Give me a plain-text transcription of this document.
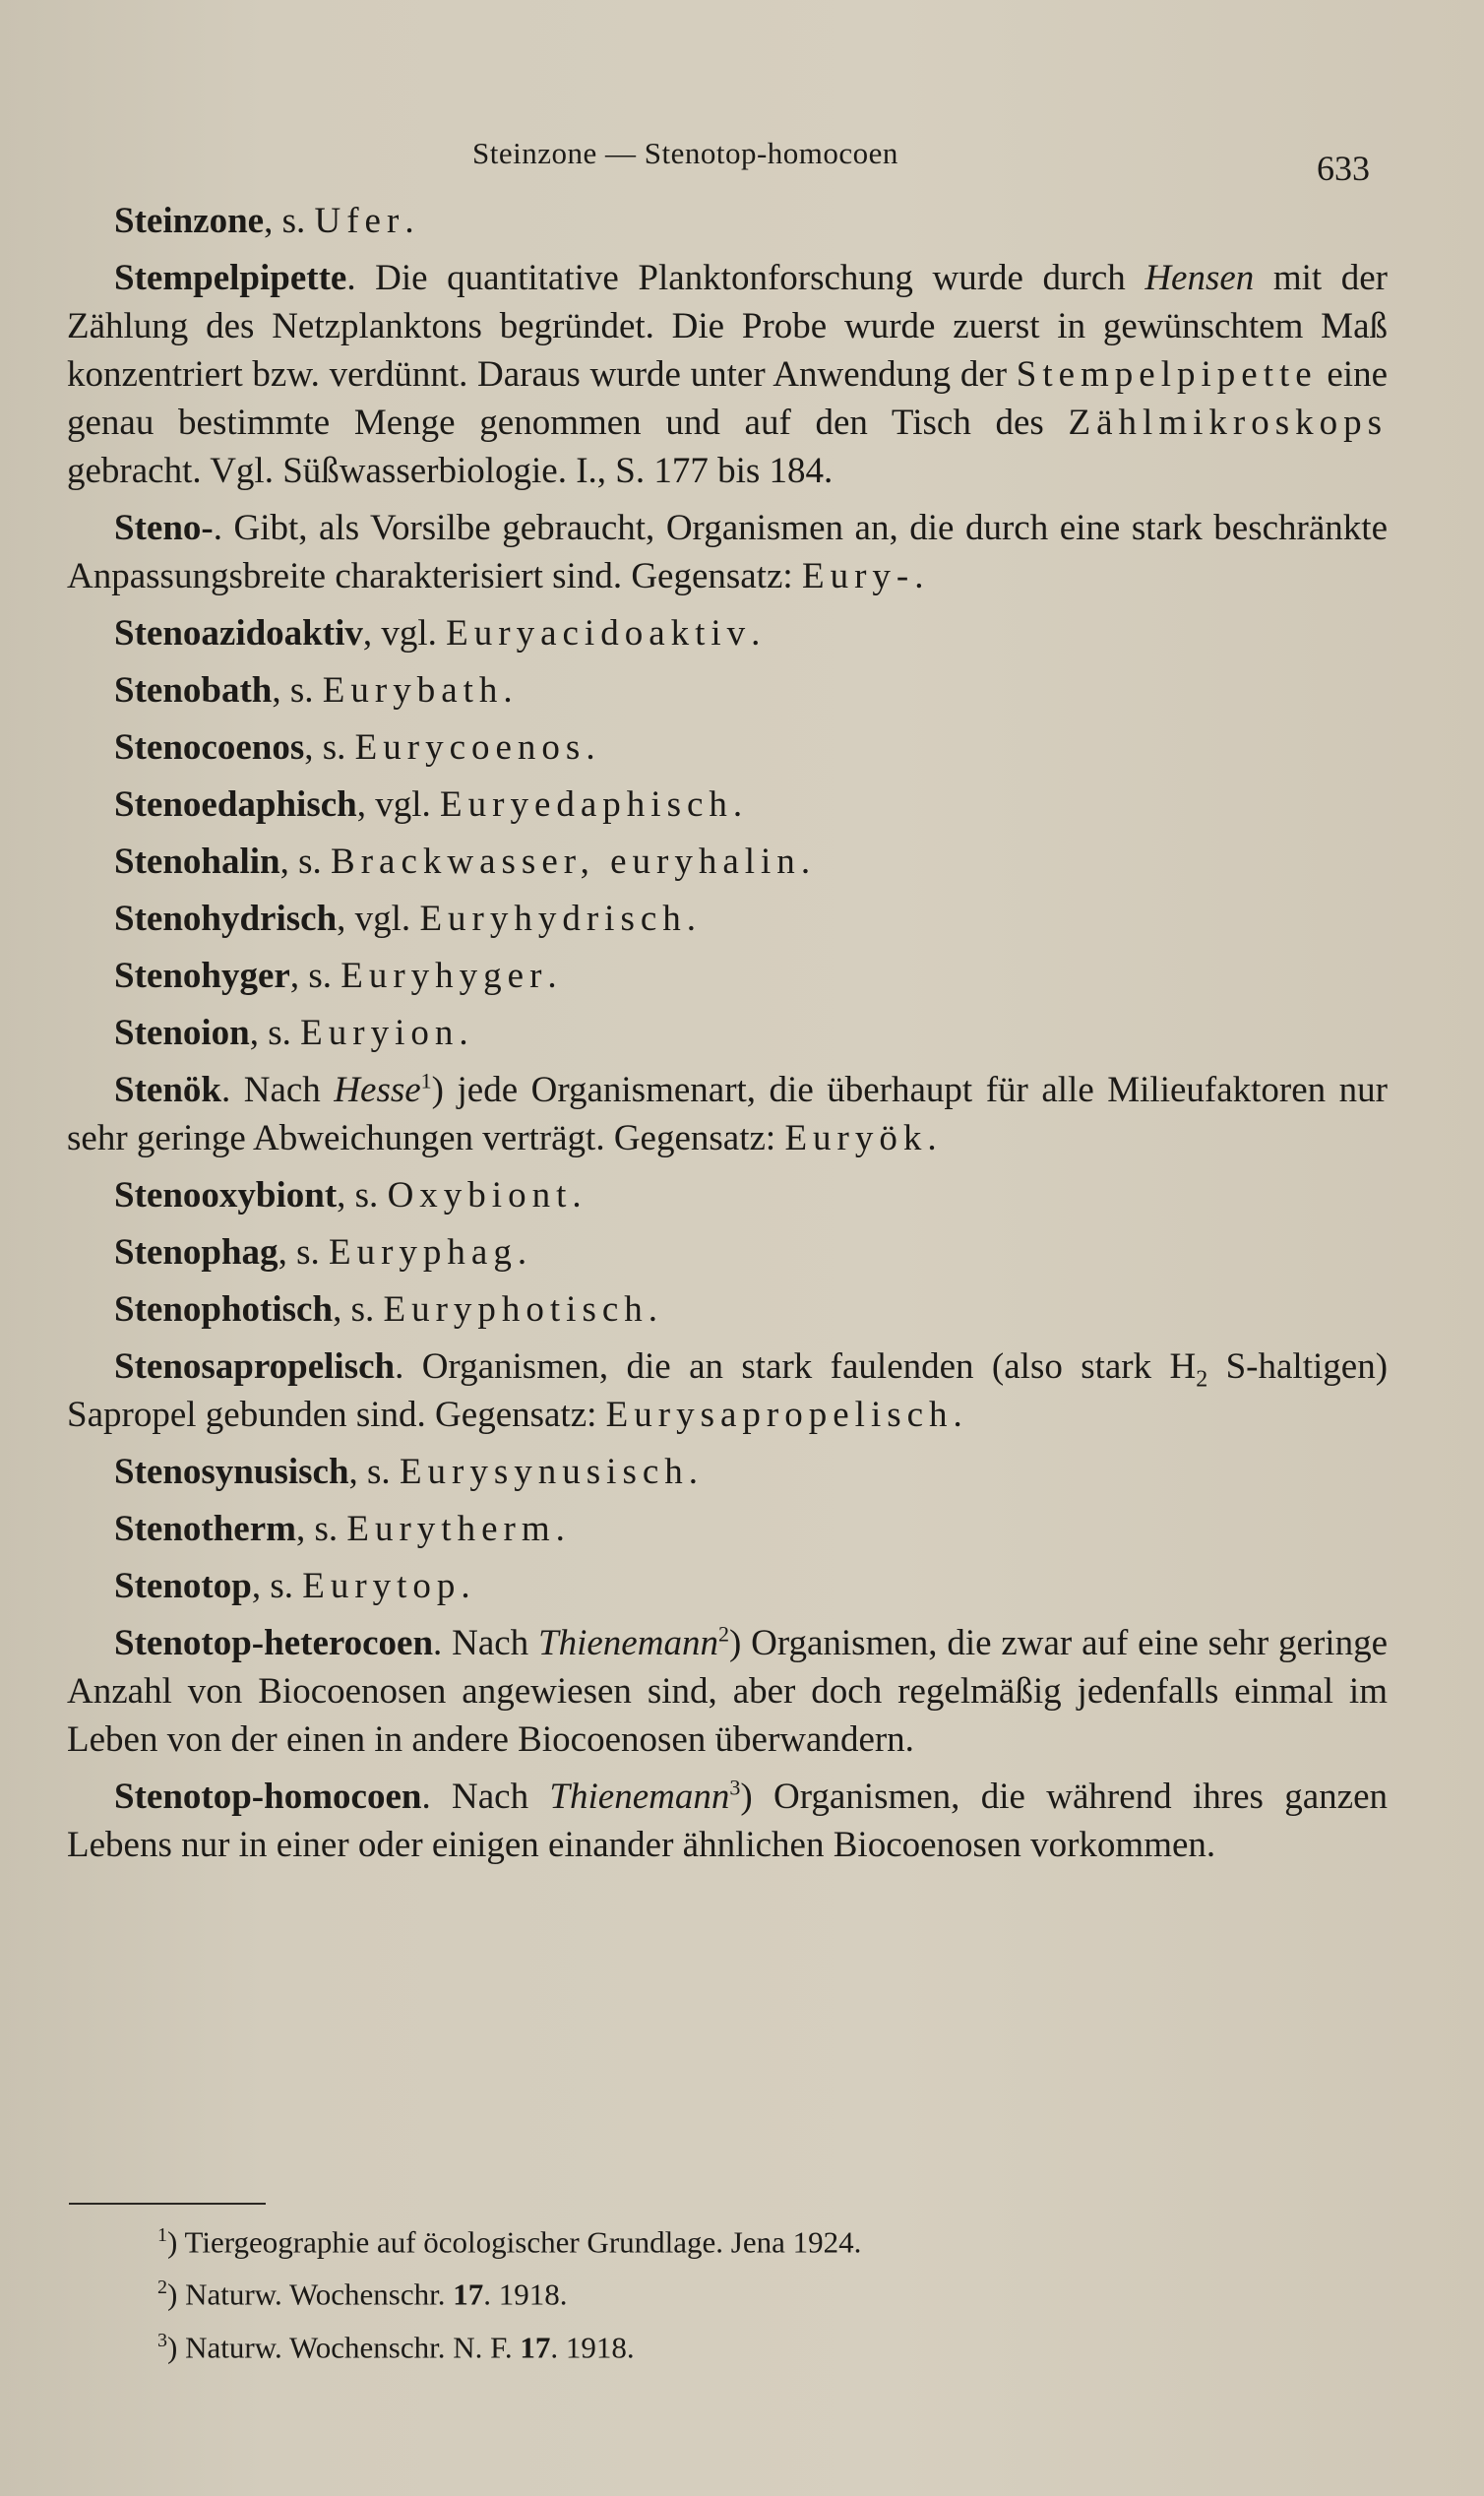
Steinzone — Stenotop-homocoen	633

Steinzone, s. Ufer.

Stempelpipette. Die quantitative Planktonforschung wurde durch Hensen mit der Zählung des Netzplanktons begründet. Die Probe wurde zuerst in gewünschtem Maß konzentriert bzw. verdünnt. Daraus wurde unter Anwendung der Stempelpipette eine genau bestimmte Menge genommen und auf den Tisch des Zählmikroskops gebracht. Vgl. Süßwasserbiologie. I., S. 177 bis 184.

Steno-. Gibt, als Vorsilbe gebraucht, Organismen an, die durch eine stark beschränkte Anpassungsbreite charakterisiert sind. Gegensatz: Eury-.

Stenoazidoaktiv, vgl. Euryacidoaktiv.

Stenobath, s. Eurybath.

Stenocoenos, s. Eurycoenos.

Stenoedaphisch, vgl. Euryedaphisch.

Stenohalin, s. Brackwasser, euryhalin.

Stenohydrisch, vgl. Euryhydrisch.

Stenohyger, s. Euryhyger.

Stenoion, s. Euryion.

Stenök. Nach Hesse$^1$) jede Organismenart, die überhaupt für alle Milieufaktoren nur sehr geringe Abweichungen verträgt. Gegensatz: Euryök.

Stenooxybiont, s. Oxybiont.

Stenophag, s. Euryphag.

Stenophotisch, s. Euryphotisch.

Stenosapropelisch. Organismen, die an stark faulenden (also stark $H_2$ S-haltigen) Sapropel gebunden sind. Gegensatz: Eurysapropelisch.

Stenosynusisch, s. Eurysynusisch.

Stenotherm, s. Eurytherm.

Stenotop, s. Eurytop.

Stenotop-heterocoen. Nach Thienemann$^2$) Organismen, die zwar auf eine sehr geringe Anzahl von Biocoenosen angewiesen sind, aber doch regelmäßig jedenfalls einmal im Leben von der einen in andere Biocoenosen überwandern.

Stenotop-homocoen. Nach Thienemann$^3$) Organismen, die während ihres ganzen Lebens nur in einer oder einigen einander ähnlichen Biocoenosen vorkommen.

$^1$) Tiergeographie auf öcologischer Grundlage. Jena 1924.

$^2$) Naturw. Wochenschr. 17. 1918.

$^3$) Naturw. Wochenschr. N. F. 17. 1918.
